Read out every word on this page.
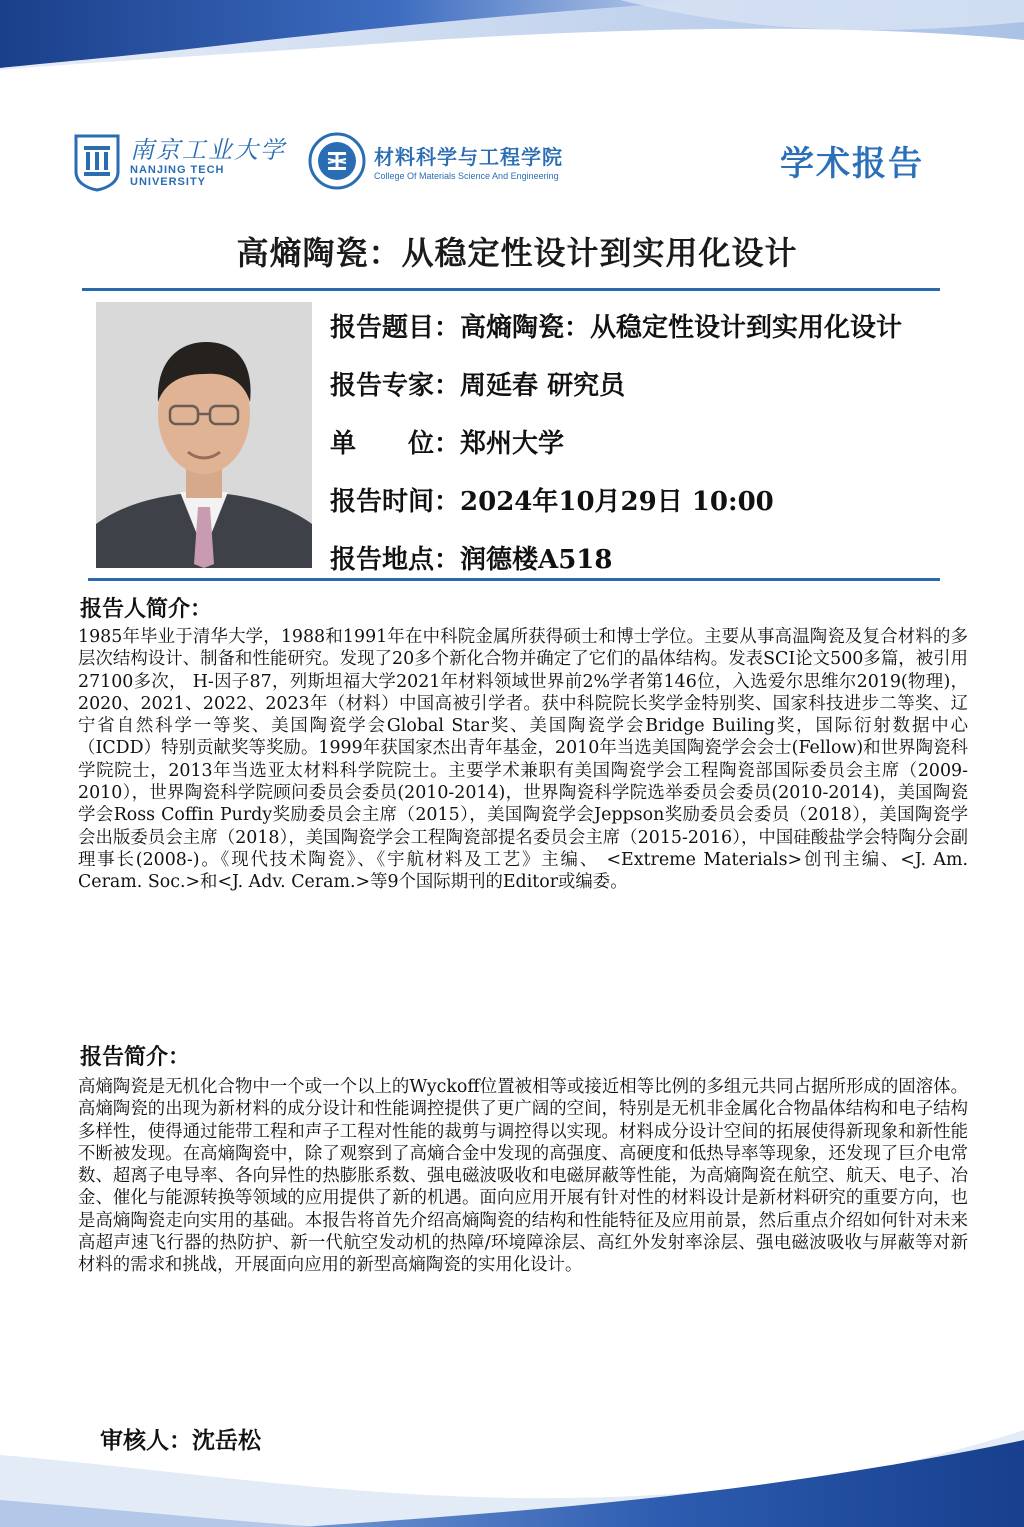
南京工业大学
NANJING TECH
UNIVERSITY
材料科学与工程学院
College Of Materials Science And Engineering	学术报告
高熵陶瓷：从稳定性设计到实用化设计
报告题目：高熵陶瓷：从稳定性设计到实用化设计
报告专家：周延春 研究员
单　　位：郑州大学
报告时间：2024年10月29日 10:00
报告地点：润德楼A518
报告人简介：
1985年毕业于清华大学，1988和1991年在中科院金属所获得硕士和博士学位。主要从事高温陶瓷及复合材料的多层次结构设计、制备和性能研究。发现了20多个新化合物并确定了它们的晶体结构。发表SCI论文500多篇，被引用27100多次， H-因子87，列斯坦福大学2021年材料领域世界前2%学者第146位，入选爱尔思维尔2019(物理)，2020、2021、2022、2023年（材料）中国高被引学者。获中科院院长奖学金特别奖、国家科技进步二等奖、辽宁省自然科学一等奖、美国陶瓷学会Global Star奖、美国陶瓷学会Bridge Builing奖，国际衍射数据中心（ICDD）特别贡献奖等奖励。1999年获国家杰出青年基金，2010年当选美国陶瓷学会会士(Fellow)和世界陶瓷科学院院士，2013年当选亚太材料科学院院士。主要学术兼职有美国陶瓷学会工程陶瓷部国际委员会主席（2009-2010），世界陶瓷科学院顾问委员会委员(2010-2014)，世界陶瓷科学院选举委员会委员(2010-2014)，美国陶瓷学会Ross Coffin Purdy奖励委员会主席（2015），美国陶瓷学会Jeppson奖励委员会委员（2018），美国陶瓷学会出版委员会主席（2018），美国陶瓷学会工程陶瓷部提名委员会主席（2015-2016），中国硅酸盐学会特陶分会副理事长(2008-)。《现代技术陶瓷》、《宇航材料及工艺》主编、 <Extreme Materials>创刊主编、<J. Am. Ceram. Soc.>和<J. Adv. Ceram.>等9个国际期刊的Editor或编委。
报告简介：
高熵陶瓷是无机化合物中一个或一个以上的Wyckoff位置被相等或接近相等比例的多组元共同占据所形成的固溶体。高熵陶瓷的出现为新材料的成分设计和性能调控提供了更广阔的空间，特别是无机非金属化合物晶体结构和电子结构多样性，使得通过能带工程和声子工程对性能的裁剪与调控得以实现。材料成分设计空间的拓展使得新现象和新性能不断被发现。在高熵陶瓷中，除了观察到了高熵合金中发现的高强度、高硬度和低热导率等现象，还发现了巨介电常数、超离子电导率、各向异性的热膨胀系数、强电磁波吸收和电磁屏蔽等性能，为高熵陶瓷在航空、航天、电子、冶金、催化与能源转换等领域的应用提供了新的机遇。面向应用开展有针对性的材料设计是新材料研究的重要方向，也是高熵陶瓷走向实用的基础。本报告将首先介绍高熵陶瓷的结构和性能特征及应用前景，然后重点介绍如何针对未来高超声速飞行器的热防护、新一代航空发动机的热障/环境障涂层、高红外发射率涂层、强电磁波吸收与屏蔽等对新材料的需求和挑战，开展面向应用的新型高熵陶瓷的实用化设计。
审核人：沈岳松
